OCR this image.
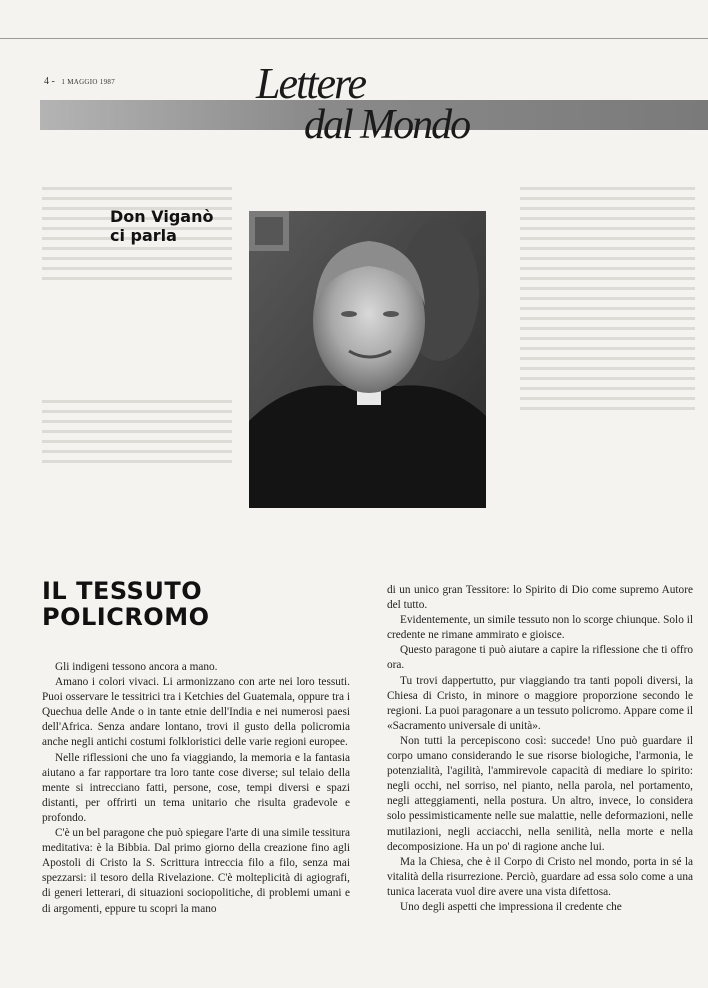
4 - 1 MAGGIO 1987	Lettere
dal Mondo
Don Viganò
ci parla
IL TESSUTO
POLICROMO

Gli indigeni tessono ancora a mano.

Amano i colori vivaci. Li armonizzano con arte nei loro tessuti. Puoi osservare le tessitrici tra i Ketchies del Guatemala, oppure tra i Quechua delle Ande o in tante etnie dell'India e nei numerosi paesi dell'Africa. Senza andare lontano, trovi il gusto della policromia anche negli antichi costumi folkloristici delle varie regioni europee.

Nelle riflessioni che uno fa viaggiando, la memoria e la fantasia aiutano a far rapportare tra loro tante cose diverse; sul telaio della mente si intrecciano fatti, persone, cose, tempi diversi e spazi distanti, per offrirti un tema unitario che risulta gradevole e profondo.

C'è un bel paragone che può spiegare l'arte di una simile tessitura meditativa: è la Bibbia. Dal primo giorno della creazione fino agli Apostoli di Cristo la S. Scrittura intreccia filo a filo, senza mai spezzarsi: il tesoro della Rivelazione. C'è molteplicità di agiografi, di generi letterari, di situazioni sociopolitiche, di problemi umani e di argomenti, eppure tu scopri la mano

di un unico gran Tessitore: lo Spirito di Dio come supremo Autore del tutto.

Evidentemente, un simile tessuto non lo scorge chiunque. Solo il credente ne rimane ammirato e gioisce.

Questo paragone ti può aiutare a capire la riflessione che ti offro ora.

Tu trovi dappertutto, pur viaggiando tra tanti popoli diversi, la Chiesa di Cristo, in minore o maggiore proporzione secondo le regioni. La puoi paragonare a un tessuto policromo. Appare come il «Sacramento universale di unità».

Non tutti la percepiscono così: succede! Uno può guardare il corpo umano considerando le sue risorse biologiche, l'armonia, le potenzialità, l'agilità, l'ammirevole capacità di mediare lo spirito: negli occhi, nel sorriso, nel pianto, nella parola, nel portamento, negli atteggiamenti, nella postura. Un altro, invece, lo considera solo pessimisticamente nelle sue malattie, nelle deformazioni, nelle mutilazioni, negli acciacchi, nella senilità, nella morte e nella decomposizione. Ha un po' di ragione anche lui.

Ma la Chiesa, che è il Corpo di Cristo nel mondo, porta in sé la vitalità della risurrezione. Perciò, guardare ad essa solo come a una tunica lacerata vuol dire avere una vista difettosa.

Uno degli aspetti che impressiona il credente che
